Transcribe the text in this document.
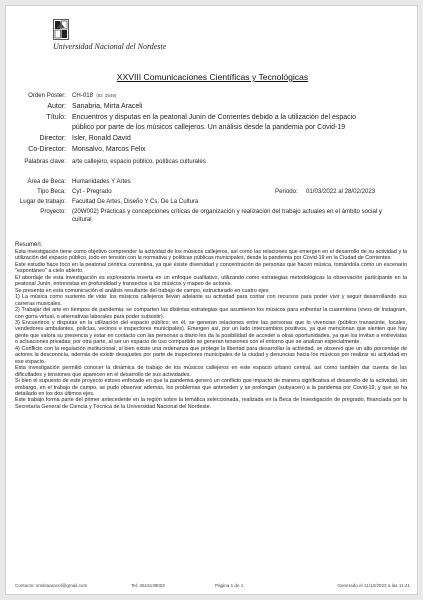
Universidad Nacional del Nordeste
XXVIII Comunicaciones Científicas y Tecnológicas
Orden Poster: CH-018 (ID: 1549)
Autor: Sanabria, Mirta Araceli
Título: Encuentros y disputas en la peatonal Junín de Corrientes debido a la utilización del espacio
público por parte de los músicos callejeros. Un análisis desde la pandemia por Covid-19
Director: Isler, Ronald David
Co-Director: Monsalvo, Marcos Felix
Palabras clave: arte callejero, espacio público, políticas culturales
Área de Beca: Humanidades Y Artes
Tipo Beca: Cyt - Pregrado	Periodo: 01/03/2022 al 28/02/2023
Lugar de trabajo: Facultad De Artes, Diseño Y Cs. De La Cultura
Proyecto: (20W002) Prácticas y concepciones críticas de organización y realización del trabajo actuales en el ámbito social y
cultural
Resumen:

Esta investigación tiene como objetivo comprender la actividad de los músicos callejeros, así como las relaciones que emergen en el desarrollo de su actividad y la utilización del espacio público, todo en tensión con la normativa y políticas públicas municipales, desde la pandemia por Covid-19 en la Ciudad de Corrientes.

Este estudio hace foco en la peatonal céntrica correntina, ya que existe diversidad y concentración de personas que hacen música, tomándola como un escenario "espontáneo" a cielo abierto.

El abordaje de esta investigación es exploratoria inserta en un enfoque cualitativo, utilizando como estrategias metodológicas la observación participante en la peatonal Junín, entrevistas en profundidad y transectos a los músicos y mapeo de actores.

Se presenta en esta comunicación el análisis resultante del trabajo de campo, estructurado en cuatro ejes:

1) La música como sustento de vida: los músicos callejeros llevan adelante su actividad para contar con recursos para poder vivir y seguir desarrollando sus carreras musicales.

2) Trabajar del arte en tiempos de pandemia: se comparten las distintas estrategias que asumieron los músicos para enfrentar la cuarentena (vivos de Instagram, con gorra virtual, o alternativas laborales para poder subsistir).

3) Encuentros y disputas en la utilización del espacio público; en él, se generan relaciones entre las personas que lo vivencian (público transeúnte, locales, vendedores ambulantes, policías, vecinos e inspectores municipales). Emergen así, por un lado intercambios positivos, ya que mencionan que sienten que hay gente que valora su presencia y estar en contacto con las personas a diario les da la posibilidad de acceder a otras oportunidades, ya que los invitan a entrevistas o actuaciones privadas; por otra parte, al ser un espacio de uso compartido se generan tensiones con el entorno que se analizan especialmente.

4) Conflicto con la regulación institucional; si bien existe una ordenanza que protege la libertad para desarrollar la actividad, se observó que un alto porcentaje de actores la desconocía, además de existir desajustes por parte de inspectores municipales de la ciudad y denuncias hacia los músicos por realizar su actividad en ese espacio.

Esta investigación permitió conocer la dinámica de trabajo de los músicos callejeros en este espacio urbano central, así como también dar cuenta de las dificultades y tensiones que aparecen en el desarrollo de sus actividades.

Si bien el supuesto de este proyecto estuvo enfocado en que la pandemia generó un conflicto que impactó de manera significativa el desarrollo de la actividad, sin embargo, en el trabajo de campo, se pudo observar además, los problemas que anteceden y se prolongan (subyacen) a la pandemia por Covid-19, y que se ha detallado en los dos últimos ejes.

Este trabajo forma parte del primer antecedente en la región sobre la temática seleccionada, realizada en la Beca de Investigación de pregrado, financiada por la Secretaría General de Ciencia y Técnica de la Universidad Nacional del Nordeste.

Contacto: smsitaaracel@gmail.com	Tel: 3516139002	Página 1 de 1	Generado el 11/12/2023 a las 11:41
